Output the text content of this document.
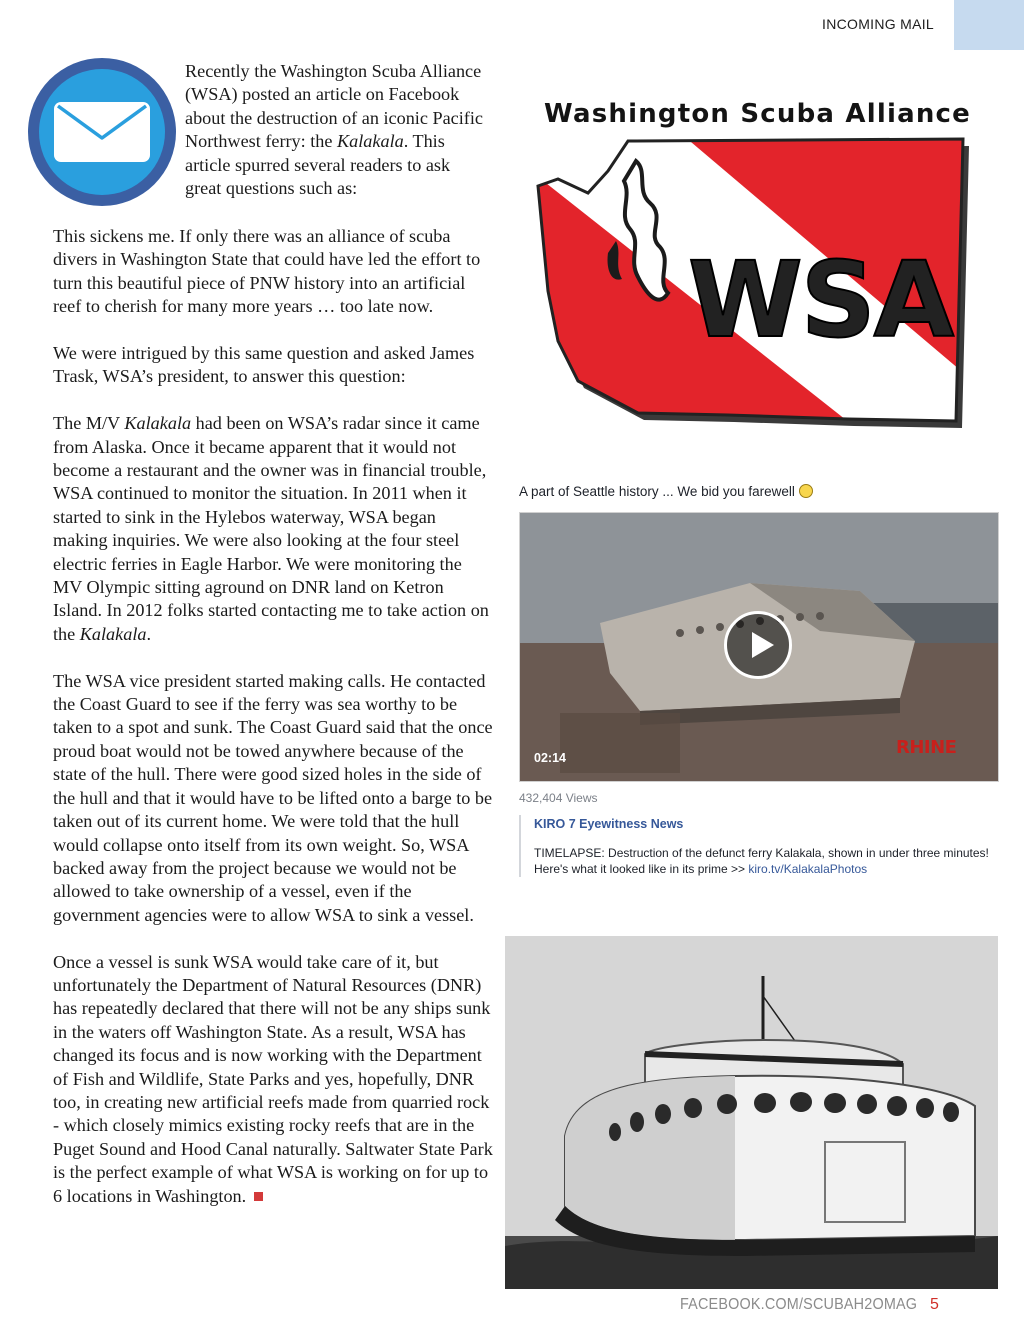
INCOMING MAIL
Recently the Washington Scuba Alliance (WSA) posted an article on Facebook about the destruction of an iconic Pacific Northwest ferry: the Kalakala. This article spurred several readers to ask great questions such as:

This sickens me. If only there was an alliance of scuba divers in Washington State that could have led the effort to turn this beautiful piece of PNW history into an artificial reef to cherish for many more years … too late now.

We were intrigued by this same question and asked James Trask, WSA’s president, to answer this question:

The M/V Kalakala had been on WSA’s radar since it came from Alaska. Once it became apparent that it would not become a restaurant and the owner was in financial trouble, WSA continued to monitor the situation. In 2011 when it started to sink in the Hylebos waterway, WSA began making inquiries. We were also looking at the four steel electric ferries in Eagle Harbor. We were monitoring the MV Olympic sitting aground on DNR land on Ketron Island. In 2012 folks started contacting me to take action on the Kalakala.

The WSA vice president started making calls. He contacted the Coast Guard to see if the ferry was sea worthy to be taken to a spot and sunk. The Coast Guard said that the once proud boat would not be towed anywhere because of the state of the hull. There were good sized holes in the side of the hull and that it would have to be lifted onto a barge to be taken out of its current home. We were told that the hull would collapse onto itself from its own weight. So, WSA backed away from the project because we would not be allowed to take ownership of a vessel, even if the government agencies were to allow WSA to sink a vessel.

Once a vessel is sunk WSA would take care of it, but unfortunately the Department of Natural Resources (DNR) has repeatedly declared that there will not be any ships sunk in the waters off Washington State. As a result, WSA has changed its focus and is now working with the Department of Fish and Wildlife, State Parks and yes, hopefully, DNR too, in creating new artificial reefs made from quarried rock - which closely mimics existing rocky reefs that are in the Puget Sound and Hood Canal naturally. Saltwater State Park is the perfect example of what WSA is working on for up to 6 locations in Washington.

Washington Scuba Alliance
WSA
A part of Seattle history ... We bid you farewell
02:14	RHINE
432,404 Views
KIRO 7 Eyewitness News
TIMELAPSE: Destruction of the defunct ferry Kalakala, shown in under three minutes!
Here's what it looked like in its prime >> kiro.tv/KalakalaPhotos
FACEBOOK.COM/SCUBAH2OMAG 5
